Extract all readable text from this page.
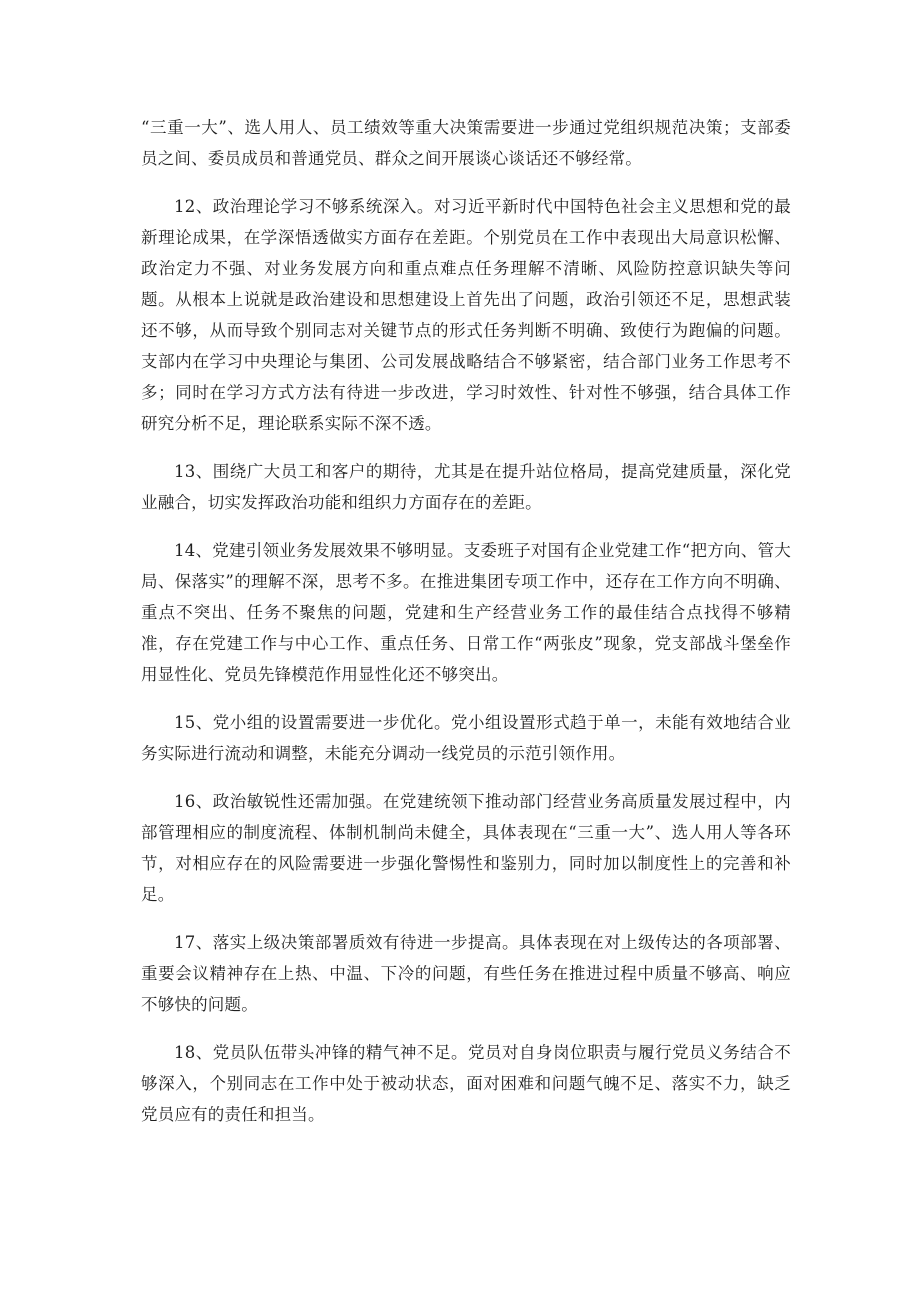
“三重一大”、选人用人、员工绩效等重大决策需要进一步通过党组织规范决策；支部委员之间、委员成员和普通党员、群众之间开展谈心谈话还不够经常。

12、政治理论学习不够系统深入。对习近平新时代中国特色社会主义思想和党的最新理论成果，在学深悟透做实方面存在差距。个别党员在工作中表现出大局意识松懈、政治定力不强、对业务发展方向和重点难点任务理解不清晰、风险防控意识缺失等问题。从根本上说就是政治建设和思想建设上首先出了问题，政治引领还不足，思想武装还不够，从而导致个别同志对关键节点的形式任务判断不明确、致使行为跑偏的问题。支部内在学习中央理论与集团、公司发展战略结合不够紧密，结合部门业务工作思考不多；同时在学习方式方法有待进一步改进，学习时效性、针对性不够强，结合具体工作研究分析不足，理论联系实际不深不透。

13、围绕广大员工和客户的期待，尤其是在提升站位格局，提高党建质量，深化党业融合，切实发挥政治功能和组织力方面存在的差距。

14、党建引领业务发展效果不够明显。支委班子对国有企业党建工作“把方向、管大局、保落实”的理解不深，思考不多。在推进集团专项工作中，还存在工作方向不明确、重点不突出、任务不聚焦的问题，党建和生产经营业务工作的最佳结合点找得不够精准，存在党建工作与中心工作、重点任务、日常工作“两张皮”现象，党支部战斗堡垒作用显性化、党员先锋模范作用显性化还不够突出。

15、党小组的设置需要进一步优化。党小组设置形式趋于单一，未能有效地结合业务实际进行流动和调整，未能充分调动一线党员的示范引领作用。

16、政治敏锐性还需加强。在党建统领下推动部门经营业务高质量发展过程中，内部管理相应的制度流程、体制机制尚未健全，具体表现在“三重一大”、选人用人等各环节，对相应存在的风险需要进一步强化警惕性和鉴别力，同时加以制度性上的完善和补足。

17、落实上级决策部署质效有待进一步提高。具体表现在对上级传达的各项部署、重要会议精神存在上热、中温、下冷的问题，有些任务在推进过程中质量不够高、响应不够快的问题。

18、党员队伍带头冲锋的精气神不足。党员对自身岗位职责与履行党员义务结合不够深入，个别同志在工作中处于被动状态，面对困难和问题气魄不足、落实不力，缺乏党员应有的责任和担当。
